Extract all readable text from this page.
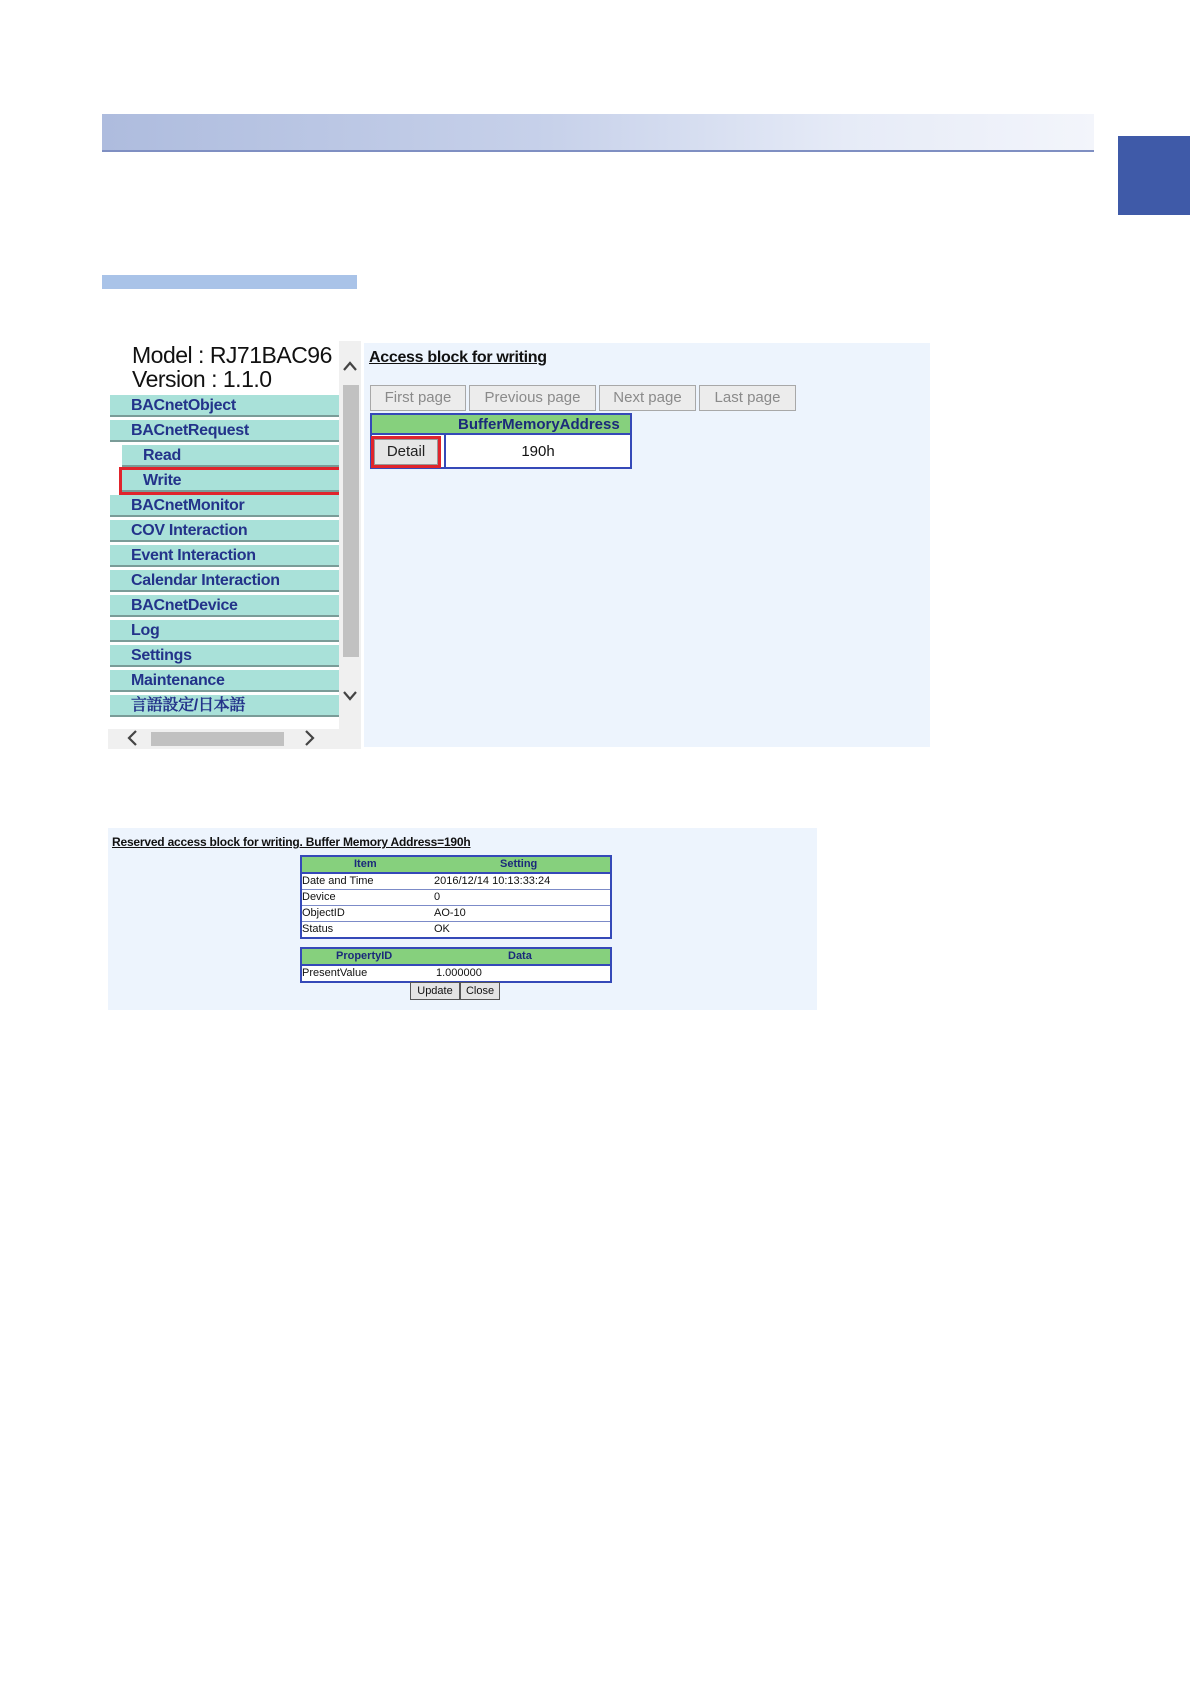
Model : RJ71BAC96
Version : 1.1.0
BACnetObject
BACnetRequest
Read
Write
BACnetMonitor
COV Interaction
Event Interaction
Calendar Interaction
BACnetDevice
Log
Settings
Maintenance
言語設定/日本語
Access block for writing
First page	Previous page	Next page	Last page
BufferMemoryAddress
Detail	190h
Reserved access block for writing. Buffer Memory Address=190h
Item	Setting
Date and Time	2016/12/14 10:13:33:24
Device	0
ObjectID	AO-10
Status	OK
PropertyID	Data
PresentValue	1.000000
Update	Close
